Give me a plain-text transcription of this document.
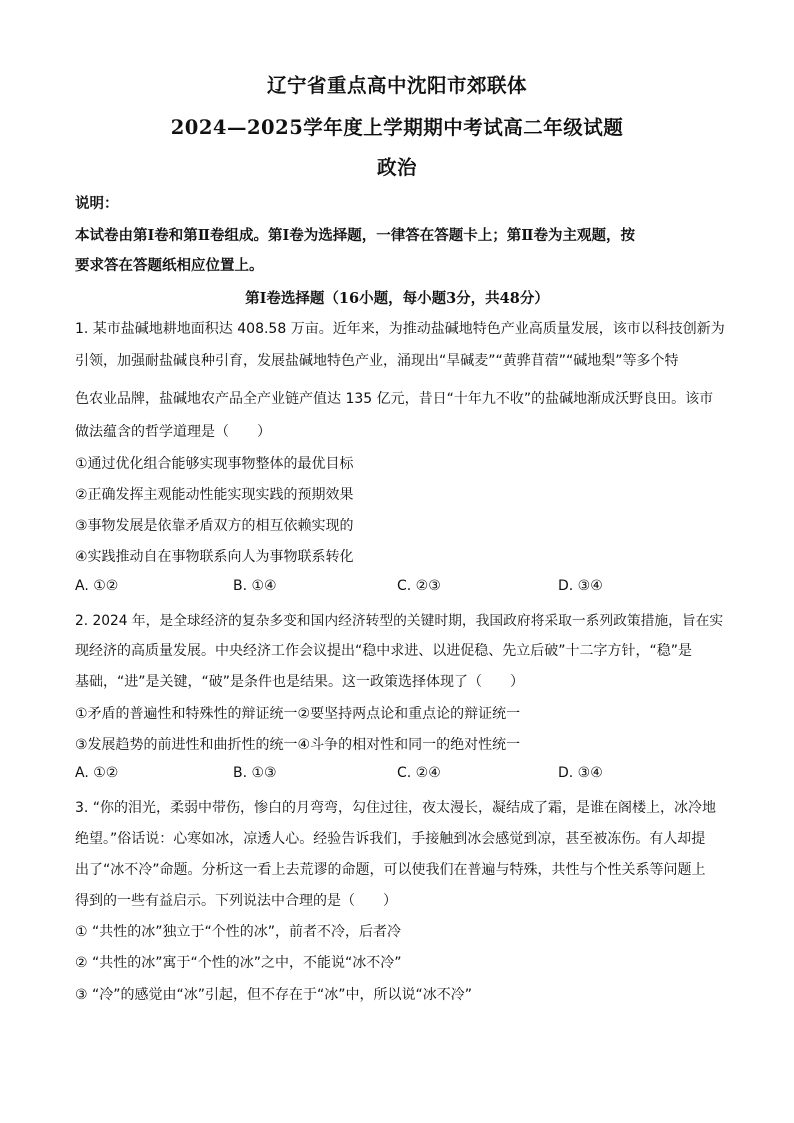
辽宁省重点高中沈阳市郊联体
2024—2025学年度上学期期中考试高二年级试题
政治
说明：
本试卷由第Ⅰ卷和第Ⅱ卷组成。第Ⅰ卷为选择题，一律答在答题卡上；第Ⅱ卷为主观题，按
要求答在答题纸相应位置上。
第Ⅰ卷选择题（16小题，每小题3分，共48分）
1. 某市盐碱地耕地面积达 408.58 万亩。近年来，为推动盐碱地特色产业高质量发展，该市以科技创新为
引领，加强耐盐碱良种引育，发展盐碱地特色产业，涌现出“旱碱麦”“黄骅苜蓿”“碱地梨”等多个特
色农业品牌，盐碱地农产品全产业链产值达 135 亿元，昔日“十年九不收”的盐碱地渐成沃野良田。该市
做法蕴含的哲学道理是（　　）
①通过优化组合能够实现事物整体的最优目标
②正确发挥主观能动性能实现实践的预期效果
③事物发展是依靠矛盾双方的相互依赖实现的
④实践推动自在事物联系向人为事物联系转化
A. ①②	B. ①④	C. ②③	D. ③④
2. 2024 年，是全球经济的复杂多变和国内经济转型的关键时期，我国政府将采取一系列政策措施，旨在实
现经济的高质量发展。中央经济工作会议提出“稳中求进、以进促稳、先立后破”十二字方针，“稳”是
基础，“进”是关键，“破”是条件也是结果。这一政策选择体现了（　　）
①矛盾的普遍性和特殊性的辩证统一②要坚持两点论和重点论的辩证统一
③发展趋势的前进性和曲折性的统一④斗争的相对性和同一的绝对性统一
A. ①②	B. ①③	C. ②④	D. ③④
3. “你的泪光，柔弱中带伤，惨白的月弯弯，勾住过往，夜太漫长，凝结成了霜，是谁在阁楼上，冰冷地
绝望。”俗话说：心寒如冰，凉透人心。经验告诉我们，手接触到冰会感觉到凉，甚至被冻伤。有人却提
出了“冰不冷”命题。分析这一看上去荒谬的命题，可以使我们在普遍与特殊，共性与个性关系等问题上
得到的一些有益启示。下列说法中合理的是（　　）
① “共性的冰”独立于“个性的冰”，前者不冷，后者冷
② “共性的冰”寓于“个性的冰”之中，不能说“冰不冷”
③ “冷”的感觉由“冰”引起，但不存在于“冰”中，所以说“冰不冷”
